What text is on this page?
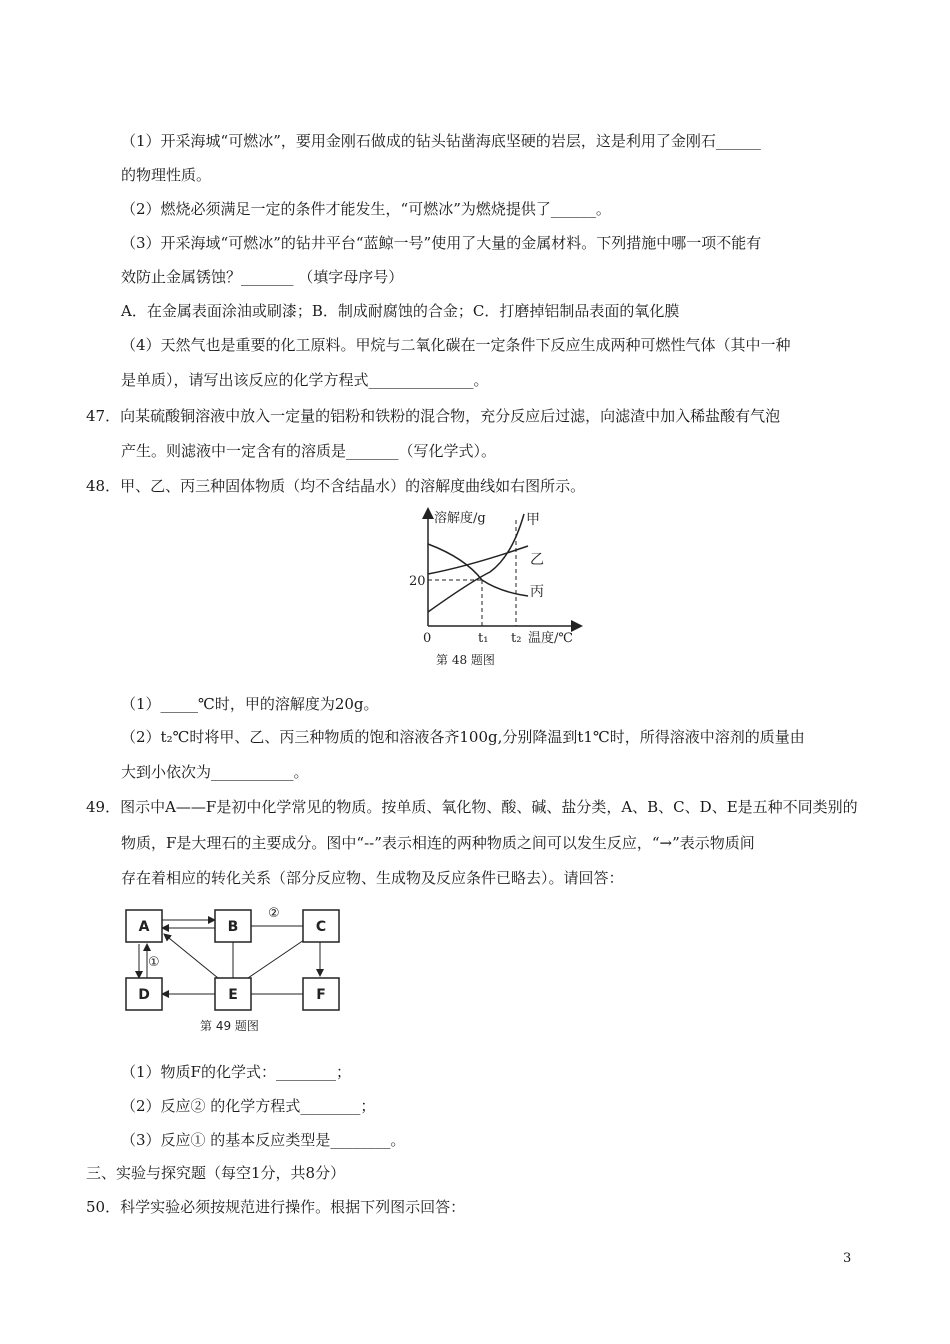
（1）开采海城“可燃冰”，要用金刚石做成的钻头钻凿海底坚硬的岩层，这是利用了金刚石______
的物理性质。
（2）燃烧必须满足一定的条件才能发生，“可燃冰”为燃烧提供了______。
（3）开采海域“可燃冰”的钻井平台“蓝鲸一号”使用了大量的金属材料。下列措施中哪一项不能有
效防止金属锈蚀？_______ （填字母序号）
A．在金属表面涂油或刷漆；B．制成耐腐蚀的合金；C．打磨掉铝制品表面的氧化膜
（4）天然气也是重要的化工原料。甲烷与二氧化碳在一定条件下反应生成两种可燃性气体（其中一种
是单质），请写出该反应的化学方程式______________。
47．向某硫酸铜溶液中放入一定量的铝粉和铁粉的混合物，充分反应后过滤，向滤渣中加入稀盐酸有气泡
产生。则滤液中一定含有的溶质是_______（写化学式）。
48．甲、乙、丙三种固体物质（均不含结晶水）的溶解度曲线如右图所示。
溶解度/g
20
0	t₁ t₂ 温度/℃
甲
乙
丙
第 48 题图
（1）_____℃时，甲的溶解度为20g。
（2）t₂℃时将甲、乙、丙三种物质的饱和溶液各齐100g,分别降温到t1℃时，所得溶液中溶剂的质量由
大到小依次为___________。
49．图示中A——F是初中化学常见的物质。按单质、氧化物、酸、碱、盐分类，A、B、C、D、E是五种不同类别的
物质，F是大理石的主要成分。图中“--”表示相连的两种物质之间可以发生反应，“→”表示物质间
存在着相应的转化关系（部分反应物、生成物及反应条件已略去）。请回答：
A	B	C
D	E	F
①
②
第 49 题图
（1）物质F的化学式：________；
（2）反应② 的化学方程式________；
（3）反应① 的基本反应类型是________。
三、实验与探究题（每空1分，共8分）
50．科学实验必须按规范进行操作。根据下列图示回答：
3
